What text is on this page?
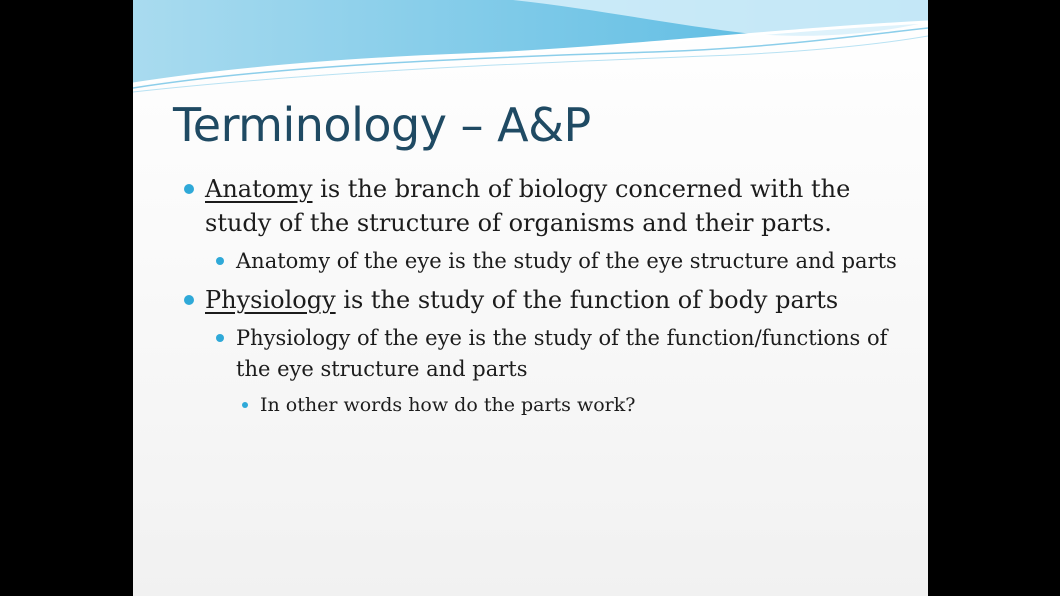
Terminology – A&P
Anatomy is the branch of biology concerned with the study of the structure of organisms and their parts.
Anatomy of the eye is the study of the eye structure and parts
Physiology is the study of the function of body parts
Physiology of the eye is the study of the function/functions of the eye structure and parts
In other words how do the parts work?
